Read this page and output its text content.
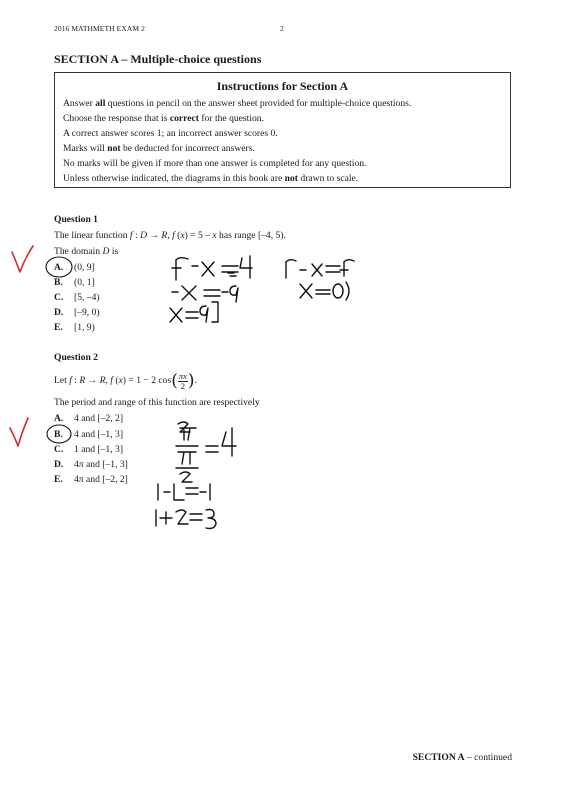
2016 MATHMETH EXAM 2	2
SECTION A – Multiple-choice questions
Instructions for Section A
Answer all questions in pencil on the answer sheet provided for multiple-choice questions.
Choose the response that is correct for the question.
A correct answer scores 1; an incorrect answer scores 0.
Marks will not be deducted for incorrect answers.
No marks will be given if more than one answer is completed for any question.
Unless otherwise indicated, the diagrams in this book are not drawn to scale.
Question 1
The linear function f : D → R, f (x) = 5 – x has range [–4, 5).
The domain D is
A. (0, 9]
B. (0, 1]
C. [5, –4)
D. [–9, 0)
E. [1, 9)
Question 2
Let f : R → R, f (x) = 1 − 2 $\cos( \frac{\pi x}{2}$ ).
The period and range of this function are respectively
A. 4 and [–2, 2]
B. 4 and [–1, 3]
C. 1 and [–1, 3]
D. 4π and [–1, 3]
E. 4π and [–2, 2]
SECTION A – continued
